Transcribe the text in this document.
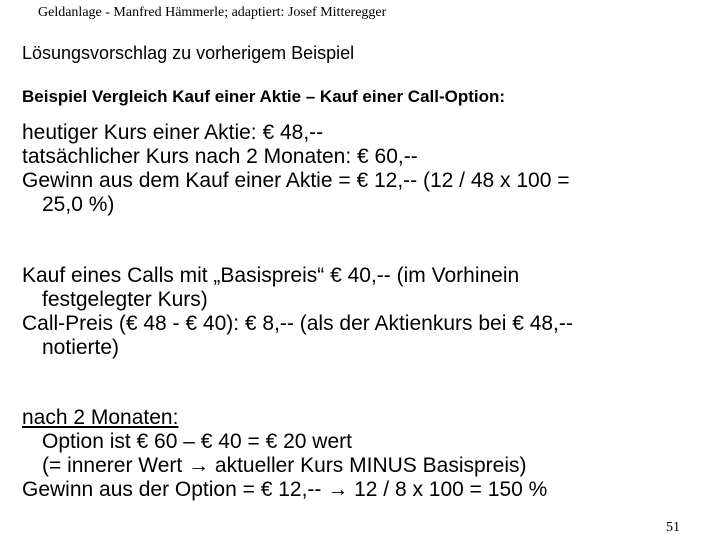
Geldanlage - Manfred Hämmerle; adaptiert: Josef Mitteregger
Lösungsvorschlag zu vorherigem Beispiel
Beispiel Vergleich Kauf einer Aktie – Kauf einer Call-Option:

heutiger Kurs einer Aktie: € 48,--

tatsächlicher Kurs nach 2 Monaten: € 60,--

Gewinn aus dem Kauf einer Aktie = € 12,-- (12 / 48 x 100 =

25,0 %)

Kauf eines Calls mit „Basispreis“ € 40,-- (im Vorhinein

festgelegter Kurs)

Call-Preis (€ 48 - € 40): € 8,-- (als der Aktienkurs bei € 48,--

notierte)

nach 2 Monaten:

Option ist € 60 – € 40 = € 20 wert

(= innerer Wert → aktueller Kurs MINUS Basispreis)

Gewinn aus der Option = € 12,-- → 12 / 8 x 100 = 150 %

51
